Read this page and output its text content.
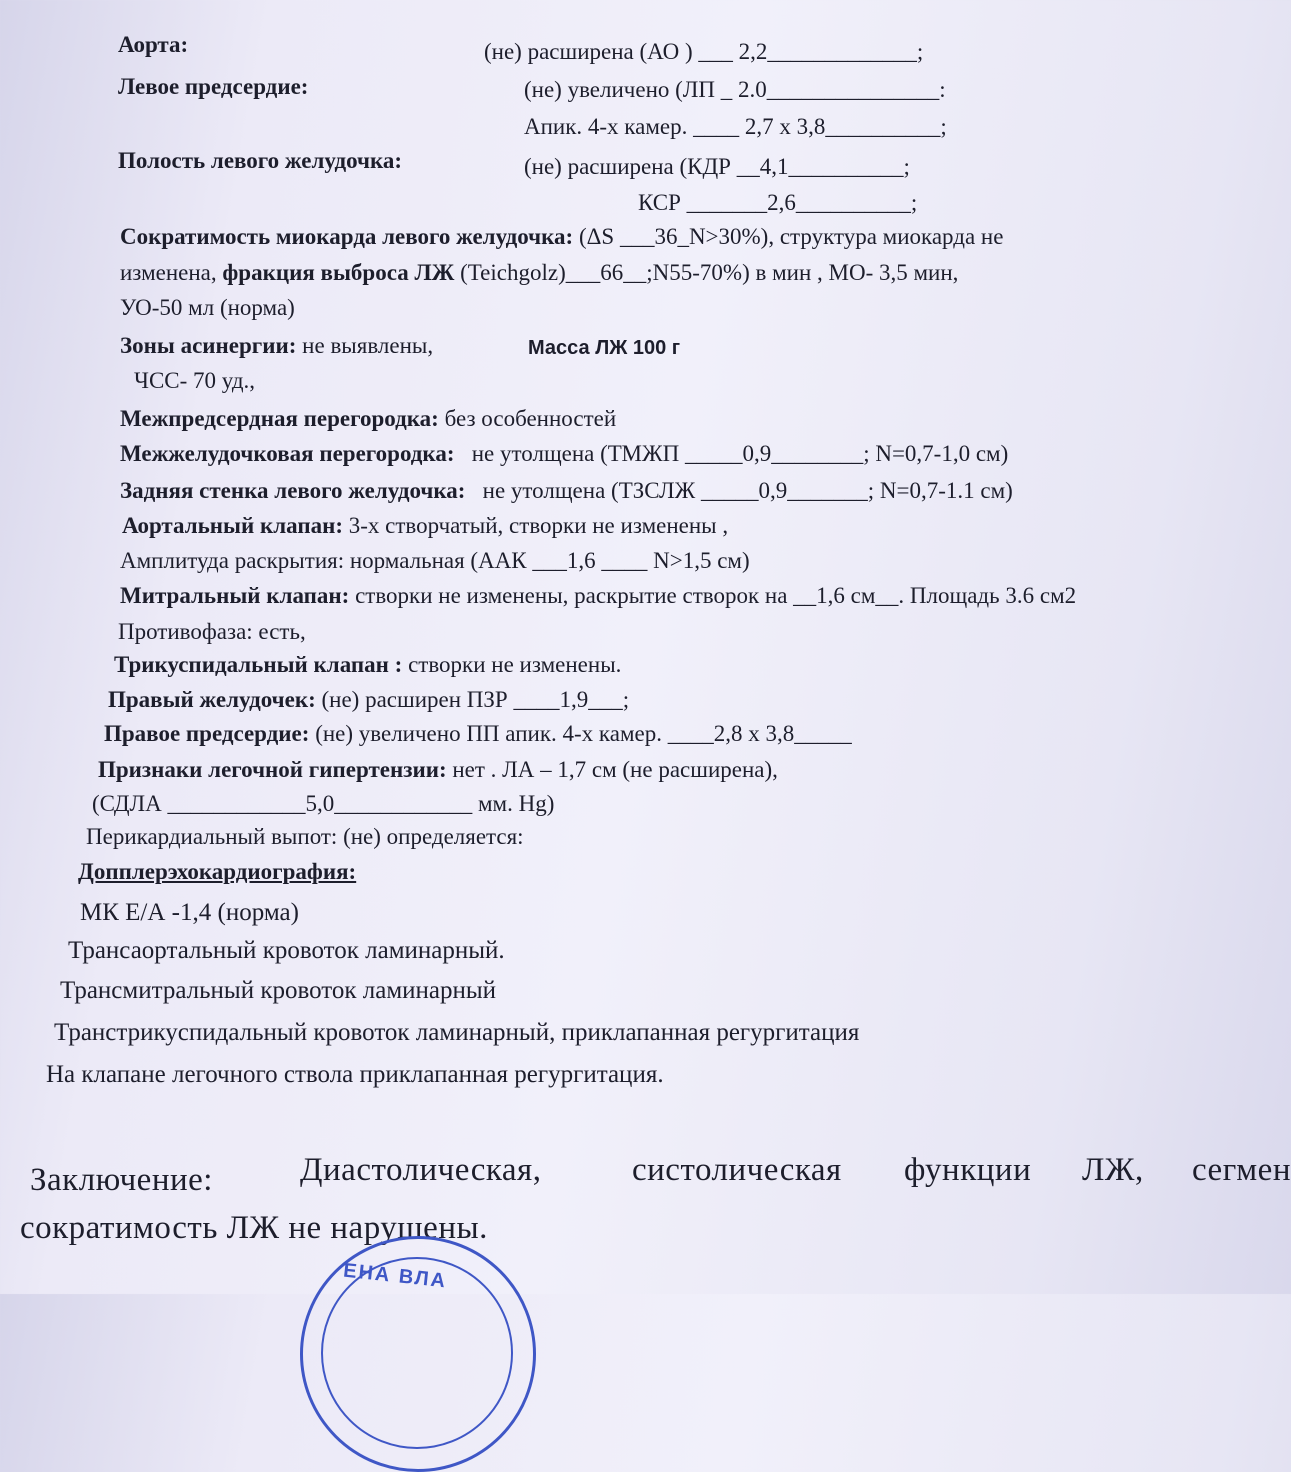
Аорта:	(не) расширена (АО ) ___ 2,2_____________;
Левое предсердие:	(не) увеличено (ЛП _ 2.0_______________:
Апик. 4-х камер. ____ 2,7 x 3,8__________;
Полость левого желудочка:	(не) расширена (КДР __4,1__________;
КСР _______2,6__________;
Сократимость миокарда левого желудочка: (ΔS ___36_N>30%), структура миокарда не
изменена, фракция выброса ЛЖ (Teichgolz)___66__;N55-70%) в мин , МО- 3,5 мин,
УО-50 мл (норма)
Зоны асинергии: не выявлены,	Масса ЛЖ 100 г
ЧСС- 70 уд.,
Межпредсердная перегородка: без особенностей
Межжелудочковая перегородка: не утолщена (ТМЖП _____0,9________; N=0,7-1,0 см)
Задняя стенка левого желудочка: не утолщена (ТЗСЛЖ _____0,9_______; N=0,7-1.1 см)
Аортальный клапан: 3-х створчатый, створки не изменены ,
Амплитуда раскрытия: нормальная (ААК ___1,6 ____ N>1,5 см)
Митральный клапан: створки не изменены, раскрытие створок на __1,6 см__. Площадь 3.6 см2
Противофаза: есть,
Трикуспидальный клапан : створки не изменены.
Правый желудочек: (не) расширен ПЗР ____1,9___;
Правое предсердие: (не) увеличено ПП апик. 4-х камер. ____2,8 x 3,8_____
Признаки легочной гипертензии: нет . ЛА – 1,7 см (не расширена),
(СДЛА ____________5,0____________ мм. Hg)
Перикардиальный выпот: (не) определяется:
Допплерэхокардиография:
МК Е/А -1,4 (норма)
Трансаортальный кровоток ламинарный.
Трансмитральный кровоток ламинарный
Транстрикуспидальный кровоток ламинарный, приклапанная регургитация
На клапане легочного ствола приклапанная регургитация.
Заключение:	Диастолическая,	систолическая функции ЛЖ, сегмен
сократимость ЛЖ не нарушены.
ЕНА ВЛА
